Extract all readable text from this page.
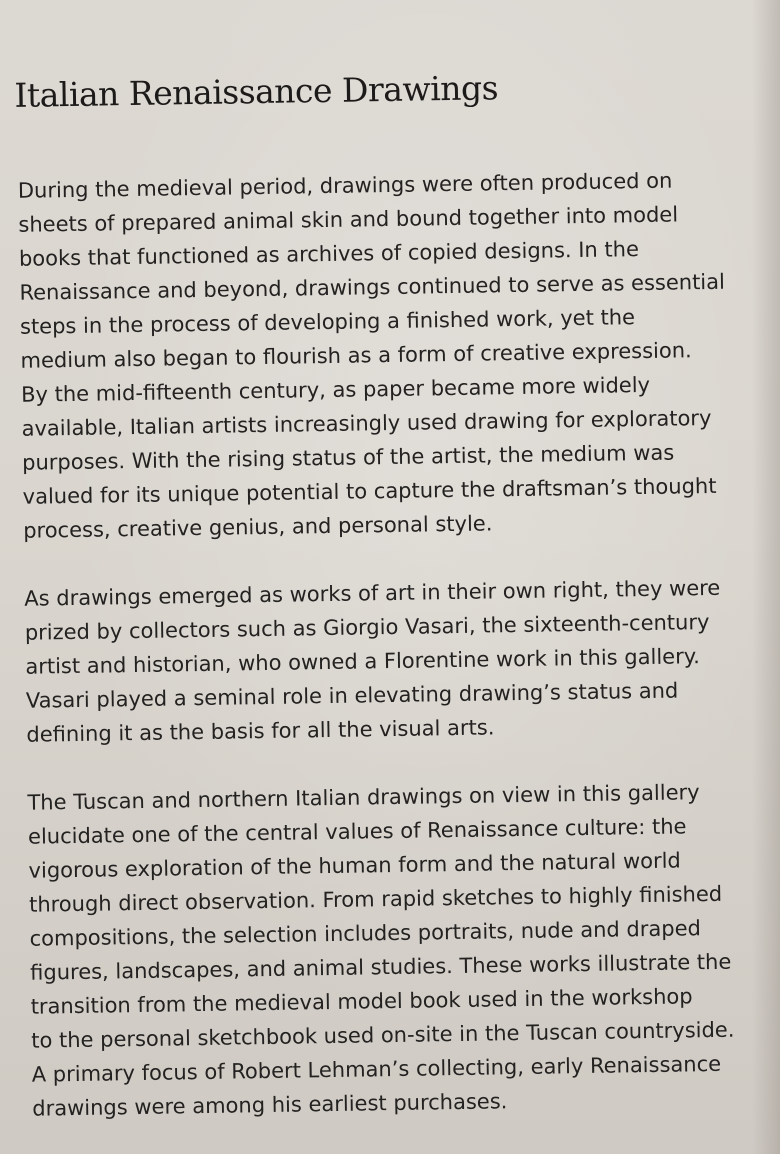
Italian Renaissance Drawings

During the medieval period, drawings were often produced on
sheets of prepared animal skin and bound together into model
books that functioned as archives of copied designs. In the
Renaissance and beyond, drawings continued to serve as essential
steps in the process of developing a finished work, yet the
medium also began to flourish as a form of creative expression.
By the mid-fifteenth century, as paper became more widely
available, Italian artists increasingly used drawing for exploratory
purposes. With the rising status of the artist, the medium was
valued for its unique potential to capture the draftsman’s thought
process, creative genius, and personal style.

As drawings emerged as works of art in their own right, they were
prized by collectors such as Giorgio Vasari, the sixteenth-century
artist and historian, who owned a Florentine work in this gallery.
Vasari played a seminal role in elevating drawing’s status and
defining it as the basis for all the visual arts.

The Tuscan and northern Italian drawings on view in this gallery
elucidate one of the central values of Renaissance culture: the
vigorous exploration of the human form and the natural world
through direct observation. From rapid sketches to highly finished
compositions, the selection includes portraits, nude and draped
figures, landscapes, and animal studies. These works illustrate the
transition from the medieval model book used in the workshop
to the personal sketchbook used on-site in the Tuscan countryside.
A primary focus of Robert Lehman’s collecting, early Renaissance
drawings were among his earliest purchases.
